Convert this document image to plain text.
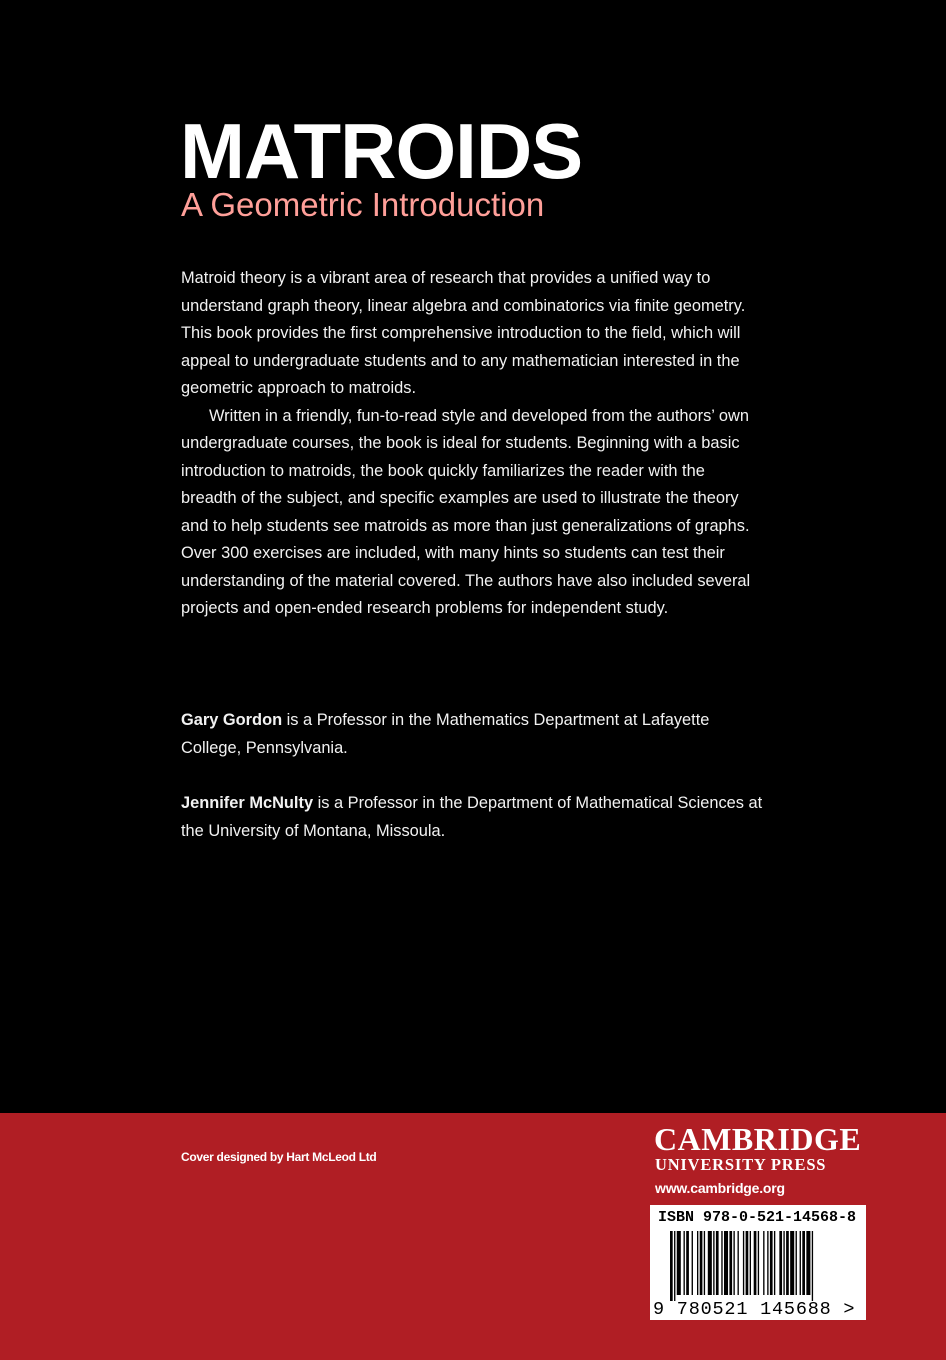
MATROIDS
A Geometric Introduction

Matroid theory is a vibrant area of research that provides a unified way to understand graph theory, linear algebra and combinatorics via finite geometry. This book provides the first comprehensive introduction to the field, which will appeal to undergraduate students and to any mathematician interested in the geometric approach to matroids.

Written in a friendly, fun-to-read style and developed from the authors’ own undergraduate courses, the book is ideal for students. Beginning with a basic introduction to matroids, the book quickly familiarizes the reader with the breadth of the subject, and specific examples are used to illustrate the theory and to help students see matroids as more than just generalizations of graphs. Over 300 exercises are included, with many hints so students can test their understanding of the material covered. The authors have also included several projects and open-ended research problems for independent study.

Gary Gordon is a Professor in the Mathematics Department at Lafayette College, Pennsylvania.

Jennifer McNulty is a Professor in the Department of Mathematical Sciences at the University of Montana, Missoula.

Cover designed by Hart McLeod Ltd	CAMBRIDGE
UNIVERSITY PRESS
www.cambridge.org
ISBN 978-0-521-14568-8
9 780521 145688 >
